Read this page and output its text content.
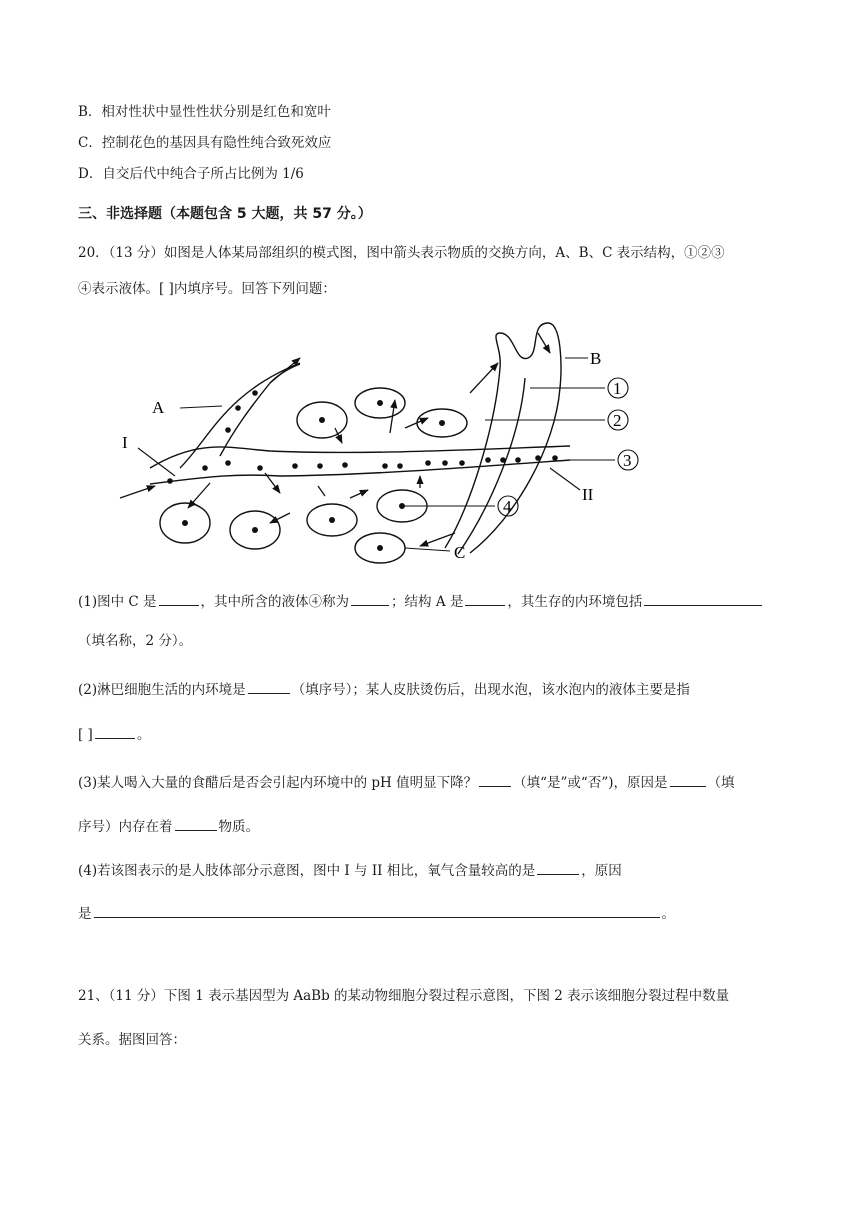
B．相对性状中显性性状分别是红色和宽叶
C．控制花色的基因具有隐性纯合致死效应
D．自交后代中纯合子所占比例为 1/6
三、非选择题（本题包含 5 大题，共 57 分。）
20．（13 分）如图是人体某局部组织的模式图，图中箭头表示物质的交换方向，A、B、C 表示结构，①②③
④表示液体。[ ]内填序号。回答下列问题：
A
I
B
II
C
1
2
3
4
(1)图中 C 是	，其中所含的液体④称为	；结构 A 是	，其生存的内环境包括
（填名称，2 分）。
(2)淋巴细胞生活的内环境是	（填序号）；某人皮肤烫伤后，出现水泡，该水泡内的液体主要是指
[ ]	。
(3)某人喝入大量的食醋后是否会引起内环境中的 pH 值明显下降？	（填“是”或“否”)，原因是	（填
序号）内存在着	物质。
(4)若该图表示的是人肢体部分示意图，图中 I 与 II 相比，氧气含量较高的是	，原因
是	。
21、（11 分）下图 1 表示基因型为 AaBb 的某动物细胞分裂过程示意图，下图 2 表示该细胞分裂过程中数量
关系。据图回答：
